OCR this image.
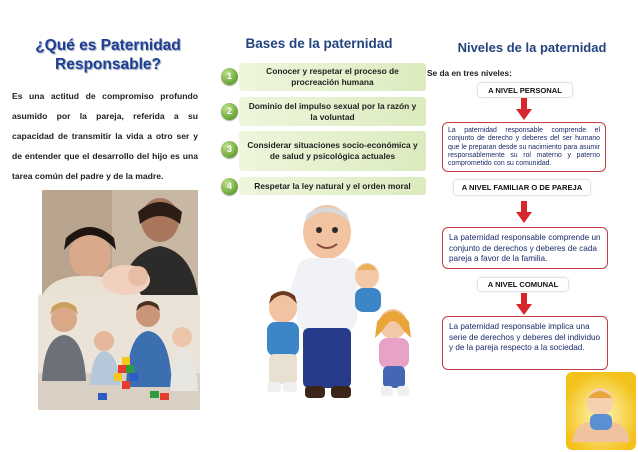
¿Qué es Paternidad Responsable?

Es una actitud de compromiso profundo asumido por la pareja, referida a su capacidad de transmitir la vida a otro ser y de entender que el desarrollo del hijo es una tarea común del padre y de la madre.

Bases de la paternidad
1	Conocer y respetar el proceso de procreación humana
2
Dominio del impulso sexual por la razón y la voluntad
3	Considerar situaciones socio-económica y de salud y psicológica actuales
4	Respetar la ley natural y el orden moral
Niveles de la paternidad

Se da en tres niveles:

A NIVEL PERSONAL
La paternidad responsable comprende el conjunto de derecho y deberes del ser humano que le preparan desde su nacimiento para asumir responsablemente su rol materno y paterno comprometido con su comunidad.
A NIVEL FAMILIAR O DE PAREJA
La paternidad responsable comprende un conjunto de derechos y deberes de cada pareja a favor de la familia.
A NIVEL COMUNAL
La paternidad responsable implica una serie de derechos y deberes del individuo y de la pareja respecto a la sociedad.
